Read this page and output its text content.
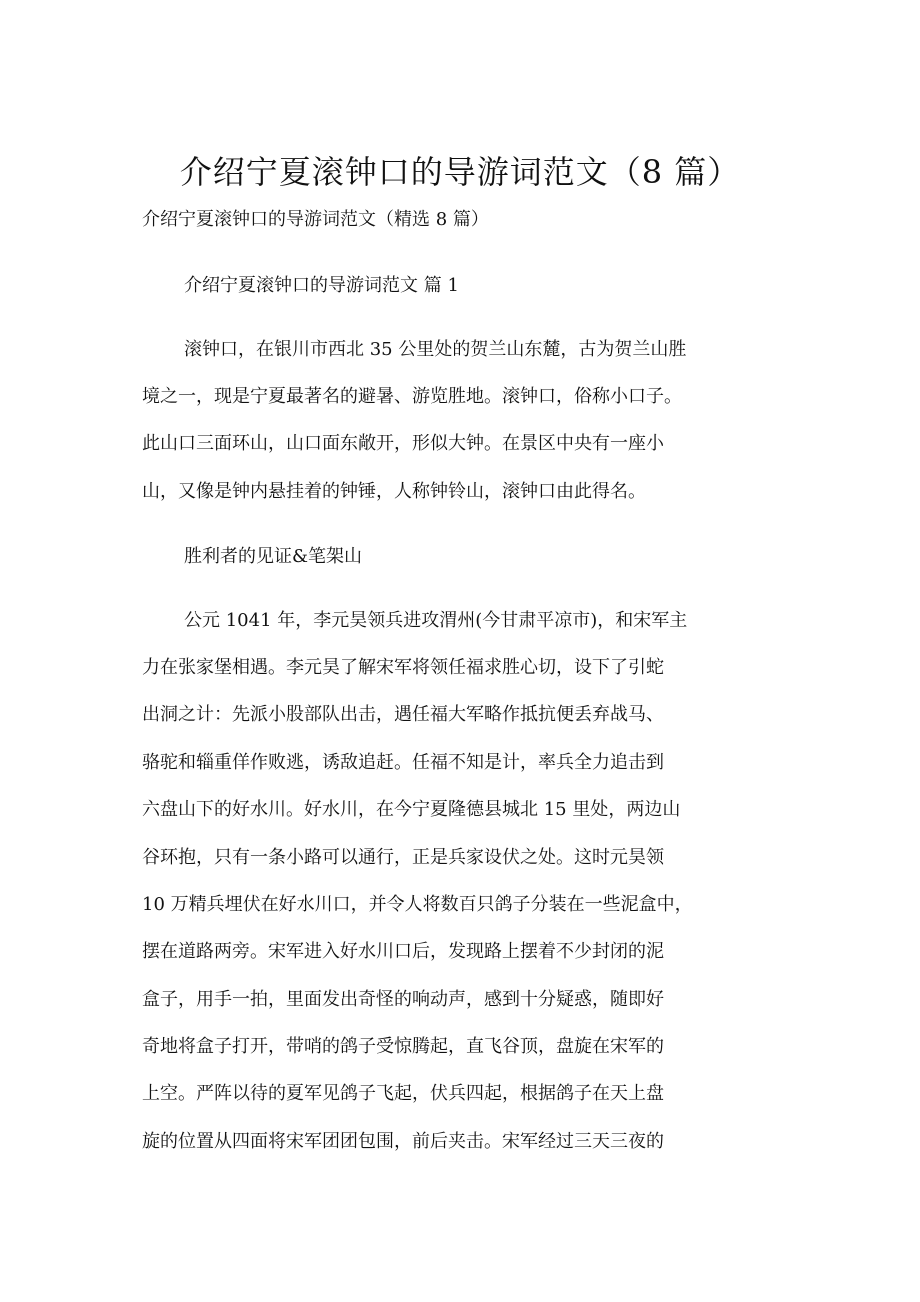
介绍宁夏滚钟口的导游词范文（8 篇）
介绍宁夏滚钟口的导游词范文（精选 8 篇）
介绍宁夏滚钟口的导游词范文 篇 1
滚钟口，在银川市西北 35 公里处的贺兰山东麓，古为贺兰山胜
境之一，现是宁夏最著名的避暑、游览胜地。滚钟口，俗称小口子。
此山口三面环山，山口面东敞开，形似大钟。在景区中央有一座小
山，又像是钟内悬挂着的钟锤，人称钟铃山，滚钟口由此得名。
胜利者的见证&笔架山
公元 1041 年，李元昊领兵进攻渭州(今甘肃平凉市)，和宋军主
力在张家堡相遇。李元昊了解宋军将领任福求胜心切，设下了引蛇
出洞之计：先派小股部队出击，遇任福大军略作抵抗便丢弃战马、
骆驼和辎重佯作败逃，诱敌追赶。任福不知是计，率兵全力追击到
六盘山下的好水川。好水川，在今宁夏隆德县城北 15 里处，两边山
谷环抱，只有一条小路可以通行，正是兵家设伏之处。这时元昊领
10 万精兵埋伏在好水川口，并令人将数百只鸽子分装在一些泥盒中，
摆在道路两旁。宋军进入好水川口后，发现路上摆着不少封闭的泥
盒子，用手一拍，里面发出奇怪的响动声，感到十分疑惑，随即好
奇地将盒子打开，带哨的鸽子受惊腾起，直飞谷顶，盘旋在宋军的
上空。严阵以待的夏军见鸽子飞起，伏兵四起，根据鸽子在天上盘
旋的位置从四面将宋军团团包围，前后夹击。宋军经过三天三夜的
